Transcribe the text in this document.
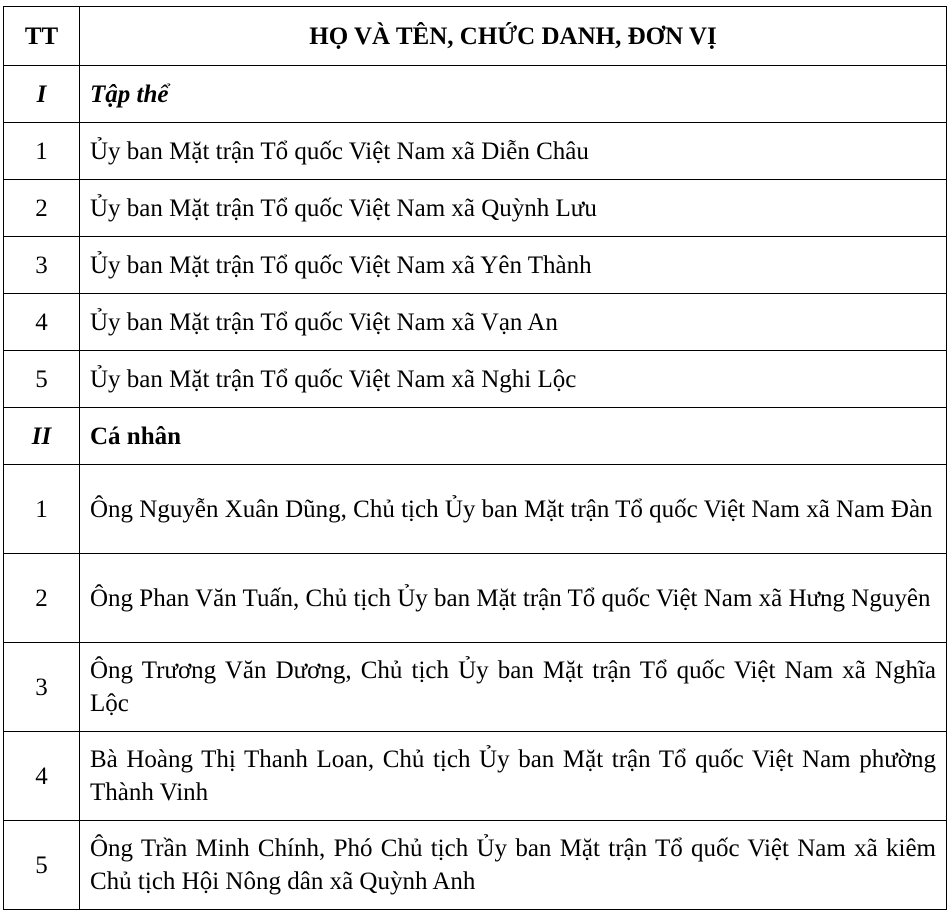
TT	HỌ VÀ TÊN, CHỨC DANH, ĐƠN VỊ
I	Tập thể
1	Ủy ban Mặt trận Tổ quốc Việt Nam xã Diễn Châu
2	Ủy ban Mặt trận Tổ quốc Việt Nam xã Quỳnh Lưu
3	Ủy ban Mặt trận Tổ quốc Việt Nam xã Yên Thành
4	Ủy ban Mặt trận Tổ quốc Việt Nam xã Vạn An
5	Ủy ban Mặt trận Tổ quốc Việt Nam xã Nghi Lộc
II	Cá nhân
1	Ông Nguyễn Xuân Dũng, Chủ tịch Ủy ban Mặt trận Tổ quốc Việt Nam xã Nam Đàn
2	Ông Phan Văn Tuấn, Chủ tịch Ủy ban Mặt trận Tổ quốc Việt Nam xã Hưng Nguyên
3	Ông Trương Văn Dương, Chủ tịch Ủy ban Mặt trận Tổ quốc Việt Nam xã Nghĩa Lộc
4	Bà Hoàng Thị Thanh Loan, Chủ tịch Ủy ban Mặt trận Tổ quốc Việt Nam phường Thành Vinh
5	Ông Trần Minh Chính, Phó Chủ tịch Ủy ban Mặt trận Tổ quốc Việt Nam xã kiêm Chủ tịch Hội Nông dân xã Quỳnh Anh
